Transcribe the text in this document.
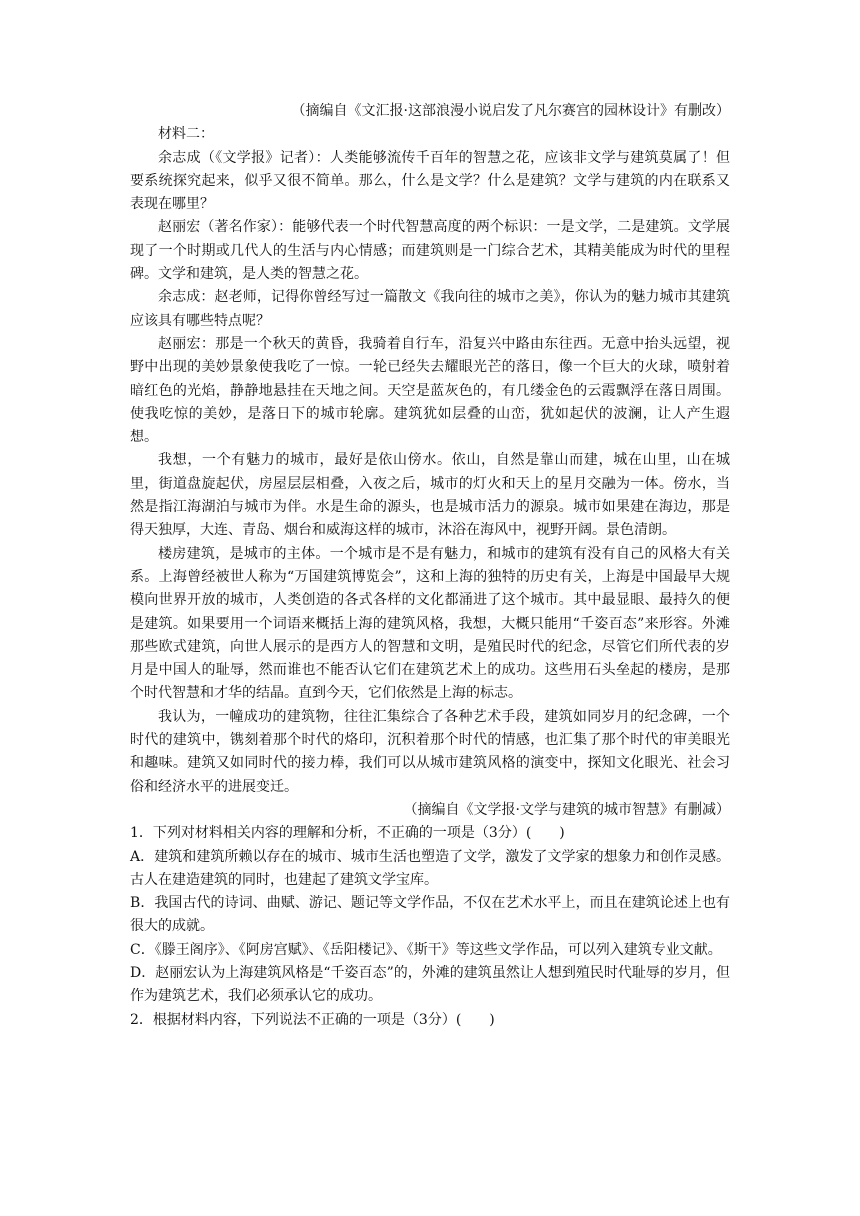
（摘编自《文汇报·这部浪漫小说启发了凡尔赛宫的园林设计》有删改）

材料二：

余志成（《文学报》记者）：人类能够流传千百年的智慧之花，应该非文学与建筑莫属了！但要系统探究起来，似乎又很不简单。那么，什么是文学？什么是建筑？文学与建筑的内在联系又表现在哪里？

赵丽宏（著名作家）：能够代表一个时代智慧高度的两个标识：一是文学，二是建筑。文学展现了一个时期或几代人的生活与内心情感；而建筑则是一门综合艺术，其精美能成为时代的里程碑。文学和建筑，是人类的智慧之花。

余志成：赵老师，记得你曾经写过一篇散文《我向往的城市之美》，你认为的魅力城市其建筑应该具有哪些特点呢？

赵丽宏：那是一个秋天的黄昏，我骑着自行车，沿复兴中路由东往西。无意中抬头远望，视野中出现的美妙景象使我吃了一惊。一轮已经失去耀眼光芒的落日，像一个巨大的火球，喷射着暗红色的光焰，静静地悬挂在天地之间。天空是蓝灰色的，有几缕金色的云霞飘浮在落日周围。使我吃惊的美妙，是落日下的城市轮廓。建筑犹如层叠的山峦，犹如起伏的波澜，让人产生遐想。

我想，一个有魅力的城市，最好是依山傍水。依山，自然是靠山而建，城在山里，山在城里，街道盘旋起伏，房屋层层相叠，入夜之后，城市的灯火和天上的星月交融为一体。傍水，当然是指江海湖泊与城市为伴。水是生命的源头，也是城市活力的源泉。城市如果建在海边，那是得天独厚，大连、青岛、烟台和威海这样的城市，沐浴在海风中，视野开阔。景色清朗。

楼房建筑，是城市的主体。一个城市是不是有魅力，和城市的建筑有没有自己的风格大有关系。上海曾经被世人称为“万国建筑博览会”，这和上海的独特的历史有关，上海是中国最早大规模向世界开放的城市，人类创造的各式各样的文化都涌进了这个城市。其中最显眼、最持久的便是建筑。如果要用一个词语来概括上海的建筑风格，我想，大概只能用“千姿百态”来形容。外滩那些欧式建筑，向世人展示的是西方人的智慧和文明，是殖民时代的纪念，尽管它们所代表的岁月是中国人的耻辱，然而谁也不能否认它们在建筑艺术上的成功。这些用石头垒起的楼房，是那个时代智慧和才华的结晶。直到今天，它们依然是上海的标志。

我认为，一幢成功的建筑物，往往汇集综合了各种艺术手段，建筑如同岁月的纪念碑，一个时代的建筑中，镌刻着那个时代的烙印，沉积着那个时代的情感，也汇集了那个时代的审美眼光和趣味。建筑又如同时代的接力棒，我们可以从城市建筑风格的演变中，探知文化眼光、社会习俗和经济水平的进展变迁。

（摘编自《文学报·文学与建筑的城市智慧》有删减）

1．下列对材料相关内容的理解和分析，不正确的一项是（3分）(　　)

A．建筑和建筑所赖以存在的城市、城市生活也塑造了文学，激发了文学家的想象力和创作灵感。古人在建造建筑的同时，也建起了建筑文学宝库。

B．我国古代的诗词、曲赋、游记、题记等文学作品，不仅在艺术水平上，而且在建筑论述上也有很大的成就。

C．《滕王阁序》、《阿房宫赋》、《岳阳楼记》、《斯干》等这些文学作品，可以列入建筑专业文献。

D．赵丽宏认为上海建筑风格是“千姿百态”的，外滩的建筑虽然让人想到殖民时代耻辱的岁月，但作为建筑艺术，我们必须承认它的成功。

2．根据材料内容，下列说法不正确的一项是（3分）(　　)
